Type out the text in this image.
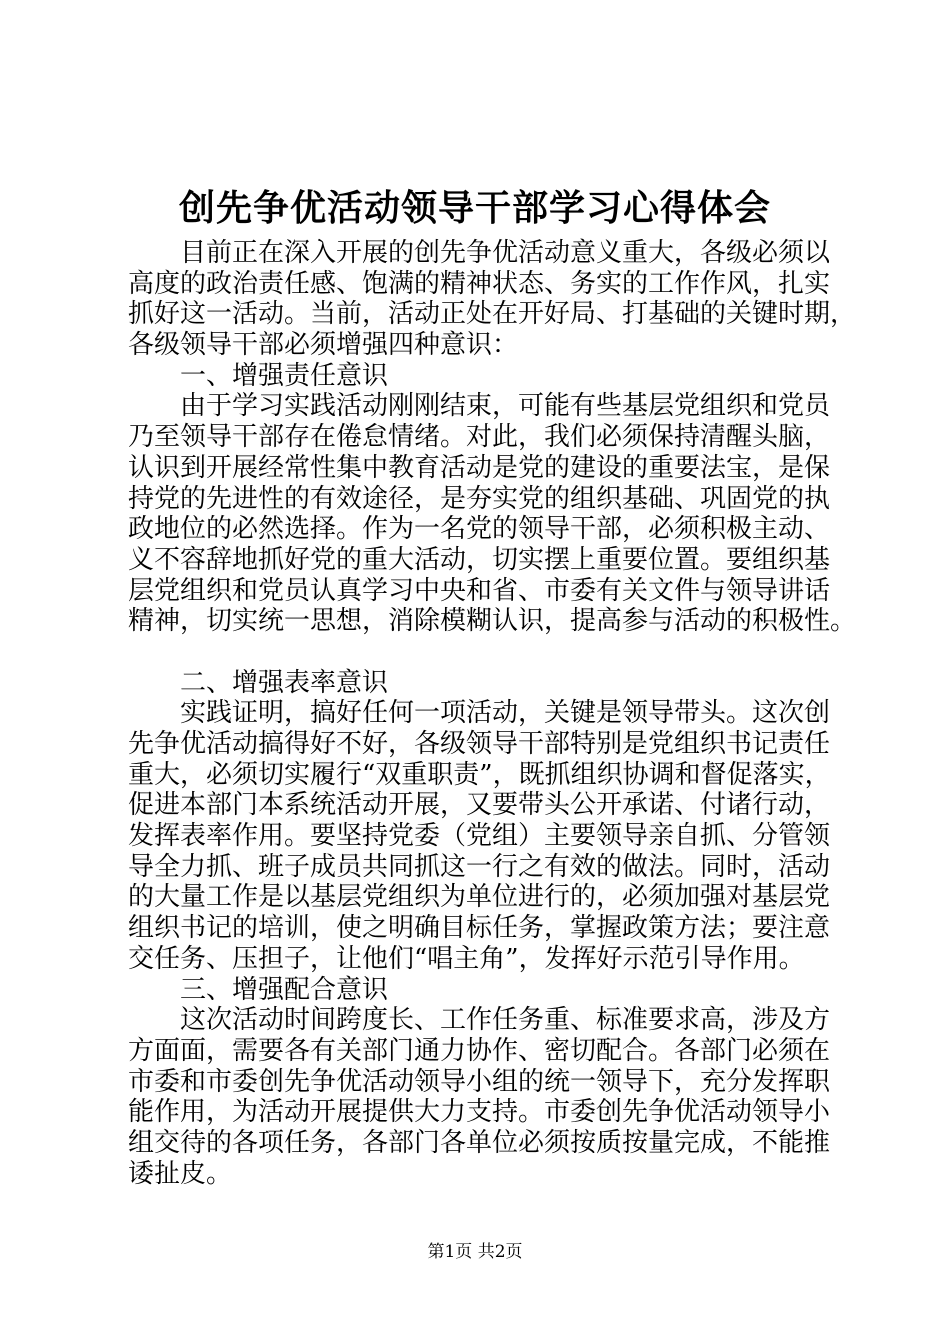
创先争优活动领导干部学习心得体会
　　目前正在深入开展的创先争优活动意义重大，各级必须以
高度的政治责任感、饱满的精神状态、务实的工作作风，扎实
抓好这一活动。当前，活动正处在开好局、打基础的关键时期，
各级领导干部必须增强四种意识：
　　一、增强责任意识
　　由于学习实践活动刚刚结束，可能有些基层党组织和党员
乃至领导干部存在倦怠情绪。对此，我们必须保持清醒头脑，
认识到开展经常性集中教育活动是党的建设的重要法宝，是保
持党的先进性的有效途径，是夯实党的组织基础、巩固党的执
政地位的必然选择。作为一名党的领导干部，必须积极主动、
义不容辞地抓好党的重大活动，切实摆上重要位置。要组织基
层党组织和党员认真学习中央和省、市委有关文件与领导讲话
精神，切实统一思想，消除模糊认识，提高参与活动的积极性。
　　二、增强表率意识
　　实践证明，搞好任何一项活动，关键是领导带头。这次创
先争优活动搞得好不好，各级领导干部特别是党组织书记责任
重大，必须切实履行“双重职责”，既抓组织协调和督促落实，
促进本部门本系统活动开展，又要带头公开承诺、付诸行动，
发挥表率作用。要坚持党委（党组）主要领导亲自抓、分管领
导全力抓、班子成员共同抓这一行之有效的做法。同时，活动
的大量工作是以基层党组织为单位进行的，必须加强对基层党
组织书记的培训，使之明确目标任务，掌握政策方法；要注意
交任务、压担子，让他们“唱主角”，发挥好示范引导作用。
　　三、增强配合意识
　　这次活动时间跨度长、工作任务重、标准要求高，涉及方
方面面，需要各有关部门通力协作、密切配合。各部门必须在
市委和市委创先争优活动领导小组的统一领导下，充分发挥职
能作用，为活动开展提供大力支持。市委创先争优活动领导小
组交待的各项任务，各部门各单位必须按质按量完成，不能推
诿扯皮。
第1页 共2页
